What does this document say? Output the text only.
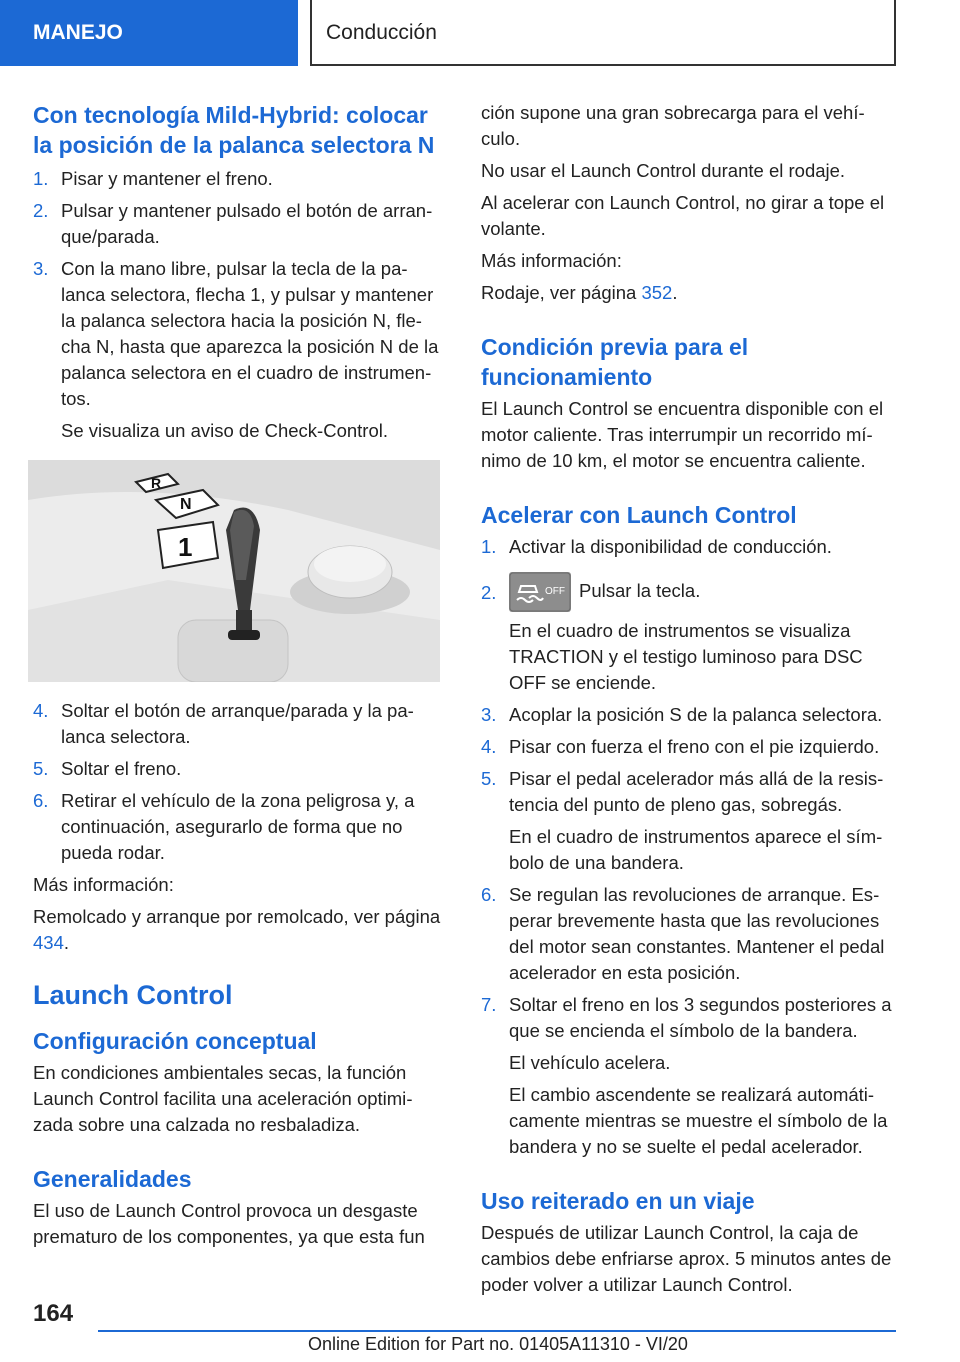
MANEJO	Conducción
Con tecnología Mild-Hybrid: colocar la posición de la palanca selectora N
1. Pisar y mantener el freno.
2. Pulsar y mantener pulsado el botón de arranque/parada.
3. Con la mano libre, pulsar la tecla de la palanca selectora, flecha 1, y pulsar y mantener la palanca selectora hacia la posición N, flecha N, hasta que aparezca la posición N de la palanca selectora en el cuadro de instrumentos.
Se visualiza un aviso de Check-Control.
R
N
1
4. Soltar el botón de arranque/parada y la palanca selectora.
5. Soltar el freno.
6. Retirar el vehículo de la zona peligrosa y, a continuación, asegurarlo de forma que no pueda rodar.

Más información:

Remolcado y arranque por remolcado, ver página 434.

Launch Control
Configuración conceptual

En condiciones ambientales secas, la función Launch Control facilita una aceleración optimizada sobre una calzada no resbaladiza.

Generalidades

El uso de Launch Control provoca un desgaste prematuro de los componentes, ya que esta fun

ción supone una gran sobrecarga para el vehículo.

No usar el Launch Control durante el rodaje.

Al acelerar con Launch Control, no girar a tope el volante.

Más información:

Rodaje, ver página 352.

Condición previa para el funcionamiento

El Launch Control se encuentra disponible con el motor caliente. Tras interrumpir un recorrido mínimo de 10 km, el motor se encuentra caliente.

Acelerar con Launch Control
1. Activar la disponibilidad de conducción.
2.	OFF Pulsar la tecla.
En el cuadro de instrumentos se visualiza TRACTION y el testigo luminoso para DSC OFF se enciende.
3. Acoplar la posición S de la palanca selectora.
4. Pisar con fuerza el freno con el pie izquierdo.
5. Pisar el pedal acelerador más allá de la resistencia del punto de pleno gas, sobregás.
En el cuadro de instrumentos aparece el símbolo de una bandera.
6. Se regulan las revoluciones de arranque. Esperar brevemente hasta que las revoluciones del motor sean constantes. Mantener el pedal acelerador en esta posición.
7. Soltar el freno en los 3 segundos posteriores a que se encienda el símbolo de la bandera.
El vehículo acelera.
El cambio ascendente se realizará automáticamente mientras se muestre el símbolo de la bandera y no se suelte el pedal acelerador.
Uso reiterado en un viaje

Después de utilizar Launch Control, la caja de cambios debe enfriarse aprox. 5 minutos antes de poder volver a utilizar Launch Control.

164
Online Edition for Part no. 01405A11310 - VI/20
